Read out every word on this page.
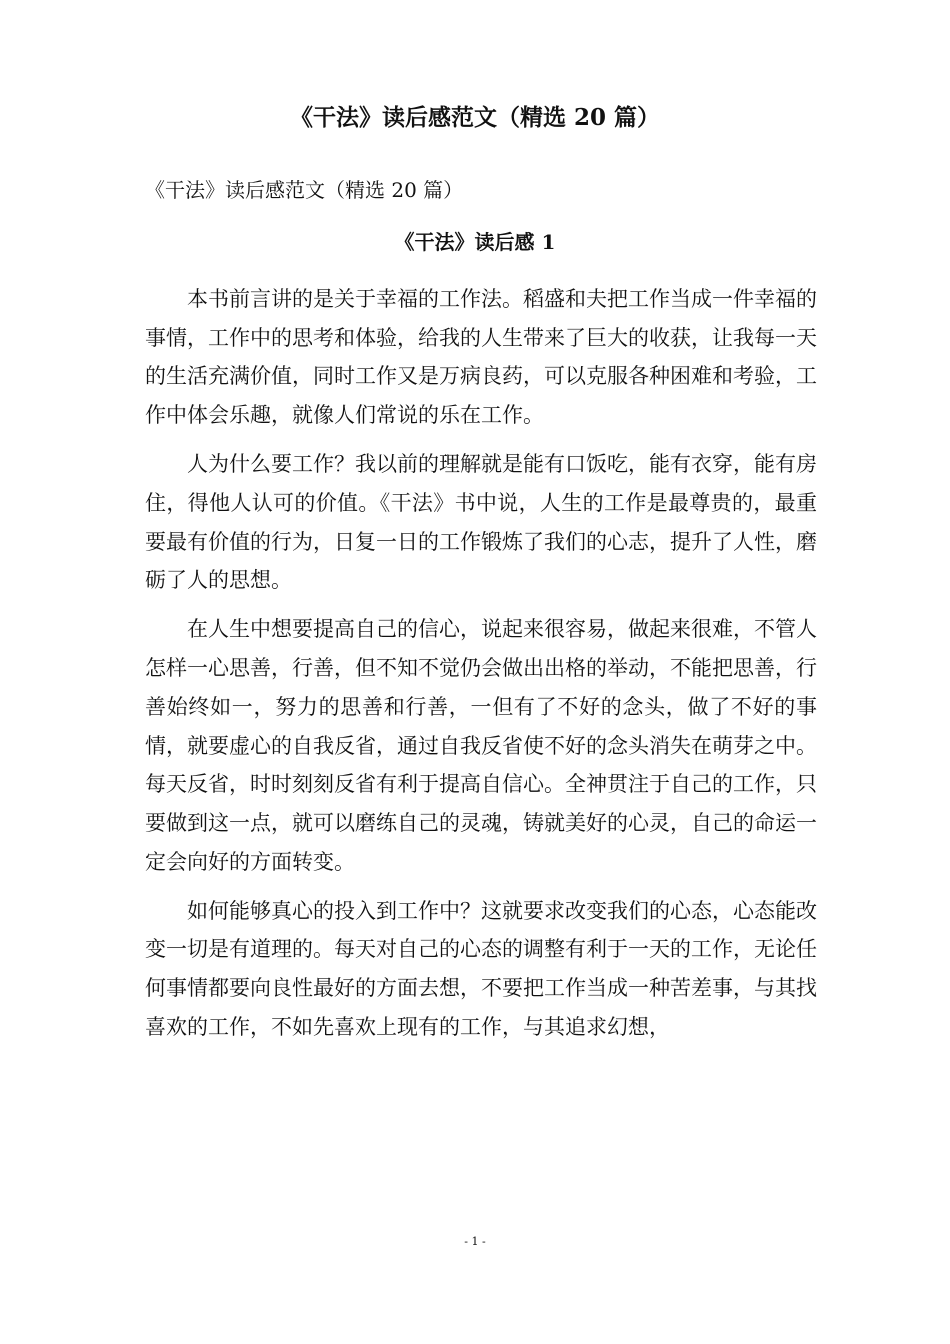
《干法》读后感范文（精选 20 篇）

《干法》读后感范文（精选 20 篇）

《干法》读后感 1

本书前言讲的是关于幸福的工作法。稻盛和夫把工作当成一件幸福的事情，工作中的思考和体验，给我的人生带来了巨大的收获，让我每一天的生活充满价值，同时工作又是万病良药，可以克服各种困难和考验，工作中体会乐趣，就像人们常说的乐在工作。

人为什么要工作？我以前的理解就是能有口饭吃，能有衣穿，能有房住，得他人认可的价值。《干法》书中说，人生的工作是最尊贵的，最重要最有价值的行为，日复一日的工作锻炼了我们的心志，提升了人性，磨砺了人的思想。

在人生中想要提高自己的信心，说起来很容易，做起来很难，不管人怎样一心思善，行善，但不知不觉仍会做出出格的举动，不能把思善，行善始终如一，努力的思善和行善，一但有了不好的念头，做了不好的事情，就要虚心的自我反省，通过自我反省使不好的念头消失在萌芽之中。每天反省，时时刻刻反省有利于提高自信心。全神贯注于自己的工作，只要做到这一点，就可以磨练自己的灵魂，铸就美好的心灵，自己的命运一定会向好的方面转变。

如何能够真心的投入到工作中？这就要求改变我们的心态，心态能改变一切是有道理的。每天对自己的心态的调整有利于一天的工作，无论任何事情都要向良性最好的方面去想，不要把工作当成一种苦差事，与其找喜欢的工作，不如先喜欢上现有的工作，与其追求幻想，

- 1 -
